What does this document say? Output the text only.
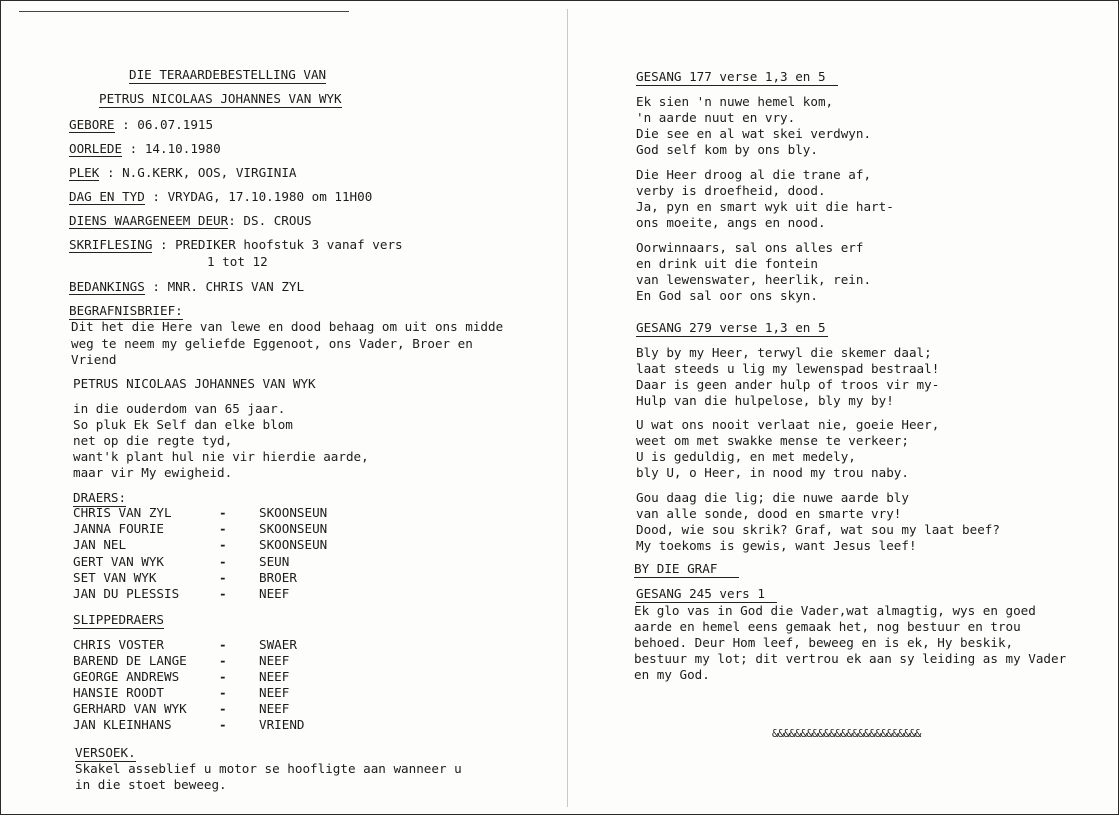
DIE TERAARDEBESTELLING VAN
PETRUS NICOLAAS JOHANNES VAN WYK
GEBORE : 06.07.1915
OORLEDE : 14.10.1980
PLEK : N.G.KERK, OOS, VIRGINIA
DAG EN TYD : VRYDAG, 17.10.1980 om 11H00
DIENS WAARGENEEM DEUR: DS. CROUS
SKRIFLESING : PREDIKER hoofstuk 3 vanaf vers
1 tot 12
BEDANKINGS : MNR. CHRIS VAN ZYL
BEGRAFNISBRIEF:
Dit het die Here van lewe en dood behaag om uit ons midde
weg te neem my geliefde Eggenoot, ons Vader, Broer en
Vriend
PETRUS NICOLAAS JOHANNES VAN WYK
in die ouderdom van 65 jaar.
So pluk Ek Self dan elke blom
net op die regte tyd,
want'k plant hul nie vir hierdie aarde,
maar vir My ewigheid.
DRAERS:
CHRIS VAN ZYL	-	SKOONSEUN
JANNA FOURIE	-	SKOONSEUN
JAN NEL	-	SKOONSEUN
GERT VAN WYK	-	SEUN
SET VAN WYK	-	BROER
JAN DU PLESSIS	-	NEEF
SLIPPEDRAERS
CHRIS VOSTER	-	SWAER
BAREND DE LANGE	-	NEEF
GEORGE ANDREWS	-	NEEF
HANSIE ROODT	-	NEEF
GERHARD VAN WYK	-	NEEF
JAN KLEINHANS	-	VRIEND
VERSOEK.
Skakel asseblief u motor se hoofligte aan wanneer u
in die stoet beweeg.
GESANG 177 verse 1,3 en 5
Ek sien 'n nuwe hemel kom,
'n aarde nuut en vry.
Die see en al wat skei verdwyn.
God self kom by ons bly.
Die Heer droog al die trane af,
verby is droefheid, dood.
Ja, pyn en smart wyk uit die hart-
ons moeite, angs en nood.
Oorwinnaars, sal ons alles erf
en drink uit die fontein
van lewenswater, heerlik, rein.
En God sal oor ons skyn.
GESANG 279 verse 1,3 en 5
Bly by my Heer, terwyl die skemer daal;
laat steeds u lig my lewenspad bestraal!
Daar is geen ander hulp of troos vir my-
Hulp van die hulpelose, bly my by!
U wat ons nooit verlaat nie, goeie Heer,
weet om met swakke mense te verkeer;
U is geduldig, en met medely,
bly U, o Heer, in nood my trou naby.
Gou daag die lig; die nuwe aarde bly
van alle sonde, dood en smarte vry!
Dood, wie sou skrik? Graf, wat sou my laat beef?
My toekoms is gewis, want Jesus leef!
BY DIE GRAF
GESANG 245 vers 1
Ek glo vas in God die Vader,wat almagtig, wys en goed
aarde en hemel eens gemaak het, nog bestuur en trou
behoed. Deur Hom leef, beweeg en is ek, Hy beskik,
bestuur my lot; dit vertrou ek aan sy leiding as my Vader
en my God.
&&&&&&&&&&&&&&&&&&&&&&&&&&
